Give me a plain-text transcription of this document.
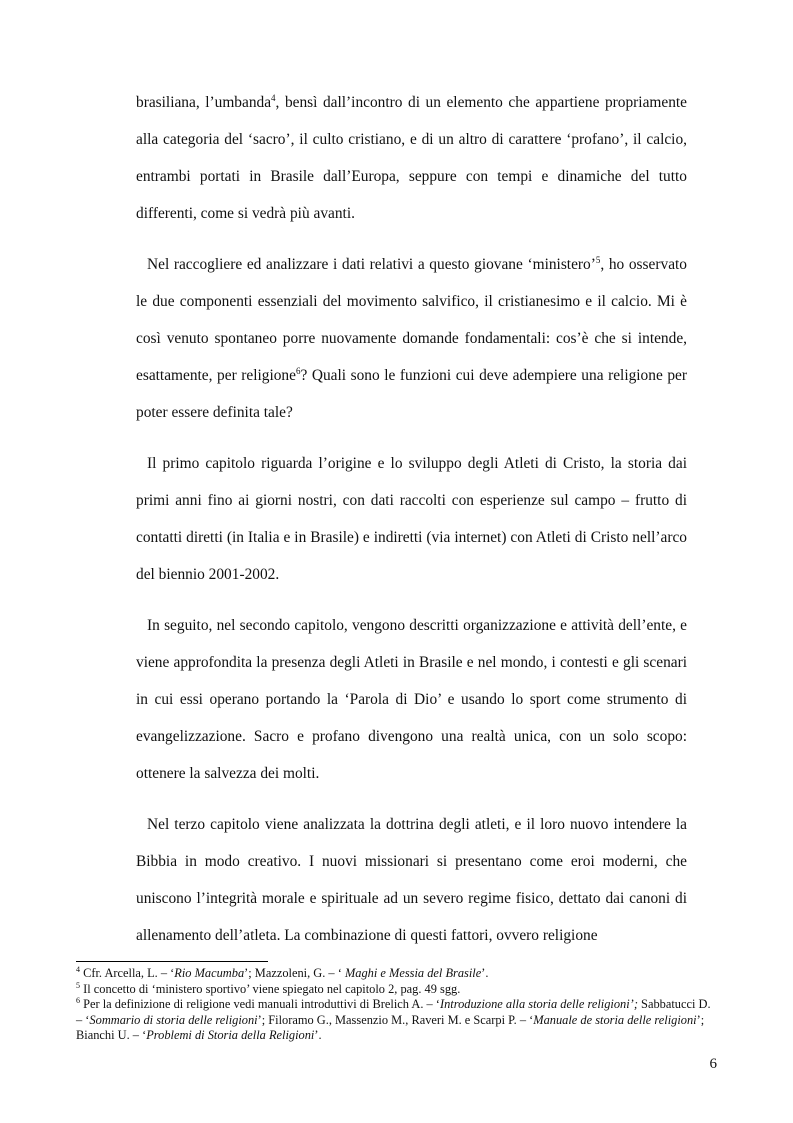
brasiliana, l’umbanda$^4$, bensì dall’incontro di un elemento che appartiene propriamente alla categoria del ‘sacro’, il culto cristiano, e di un altro di carattere ‘profano’, il calcio, entrambi portati in Brasile dall’Europa, seppure con tempi e dinamiche del tutto differenti, come si vedrà più avanti.

Nel raccogliere ed analizzare i dati relativi a questo giovane ‘ministero’$^5$, ho osservato le due componenti essenziali del movimento salvifico, il cristianesimo e il calcio. Mi è così venuto spontaneo porre nuovamente domande fondamentali: cos’è che si intende, esattamente, per religione$^6$? Quali sono le funzioni cui deve adempiere una religione per poter essere definita tale?

Il primo capitolo riguarda l’origine e lo sviluppo degli Atleti di Cristo, la storia dai primi anni fino ai giorni nostri, con dati raccolti con esperienze sul campo – frutto di contatti diretti (in Italia e in Brasile) e indiretti (via internet) con Atleti di Cristo nell’arco del biennio 2001-2002.

In seguito, nel secondo capitolo, vengono descritti organizzazione e attività dell’ente, e viene approfondita la presenza degli Atleti in Brasile e nel mondo, i contesti e gli scenari in cui essi operano portando la ‘Parola di Dio’ e usando lo sport come strumento di evangelizzazione. Sacro e profano divengono una realtà unica, con un solo scopo: ottenere la salvezza dei molti.

Nel terzo capitolo viene analizzata la dottrina degli atleti, e il loro nuovo intendere la Bibbia in modo creativo. I nuovi missionari si presentano come eroi moderni, che uniscono l’integrità morale e spirituale ad un severo regime fisico, dettato dai canoni di allenamento dell’atleta. La combinazione di questi fattori, ovvero religione

$^4$ Cfr. Arcella, L. – ‘Rio Macumba’; Mazzoleni, G. – ‘ Maghi e Messia del Brasile’.
$^5$ Il concetto di ‘ministero sportivo’ viene spiegato nel capitolo 2, pag. 49 sgg.
$^6$ Per la definizione di religione vedi manuali introduttivi di Brelich A. – ‘Introduzione alla storia delle religioni’; Sabbatucci D. – ‘Sommario di storia delle religioni’; Filoramo G., Massenzio M., Raveri M. e Scarpi P. – ‘Manuale de storia delle religioni’; Bianchi U. – ‘Problemi di Storia della Religioni’.
6
